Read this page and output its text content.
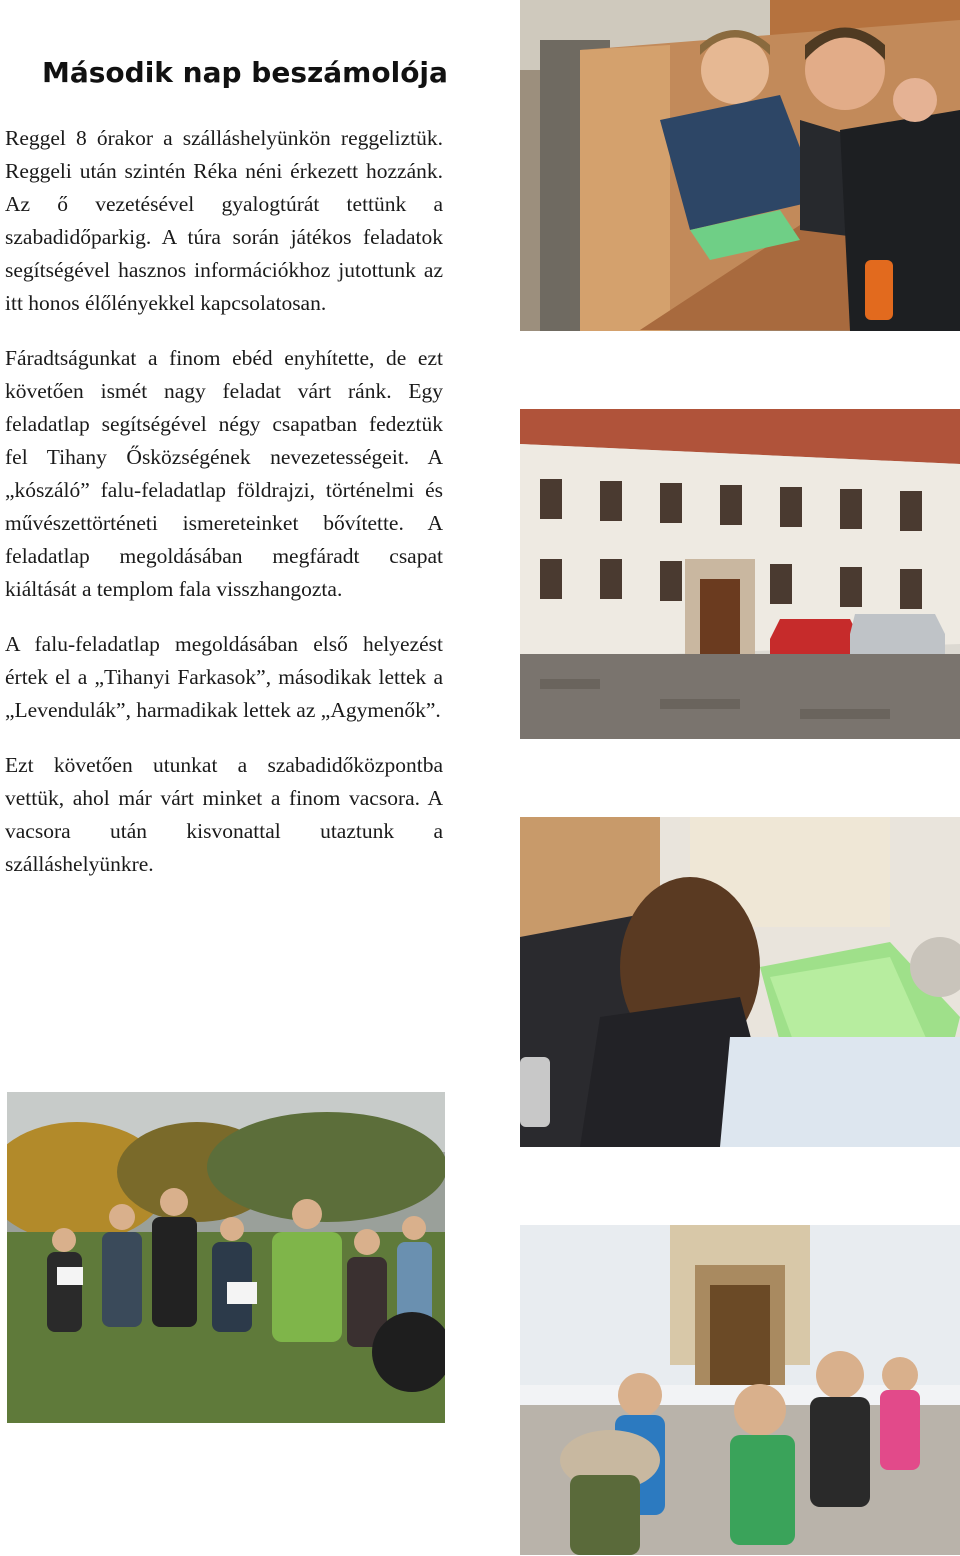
Második nap beszámolója

Reggel 8 órakor a szálláshelyünkön reggeliztük. Reggeli után szintén Réka néni érkezett hozzánk. Az ő vezetésével gyalogtúrát tettünk a szabadidőparkig. A túra során játékos feladatok segítségével hasznos információkhoz jutottunk az itt honos élőlényekkel kapcsolatosan.

Fáradtságunkat a finom ebéd enyhítette, de ezt követően ismét nagy feladat várt ránk. Egy feladatlap segítségével négy csapatban fedeztük fel Tihany Ősközségének nevezetességeit. A „kószáló” falu-feladatlap földrajzi, történelmi és művészettörténeti ismereteinket bővítette. A feladatlap megoldásában megfáradt csapat kiáltását a templom fala visszhangozta.

A falu-feladatlap megoldásában első helyezést értek el a „Tihanyi Farkasok”, másodikak lettek a „Levendulák”, harmadikak lettek az „Agymenők”.

Ezt követően utunkat a szabadidőközpontba vettük, ahol már várt minket a finom vacsora. A vacsora után kisvonattal utaztunk a szálláshelyünkre.
